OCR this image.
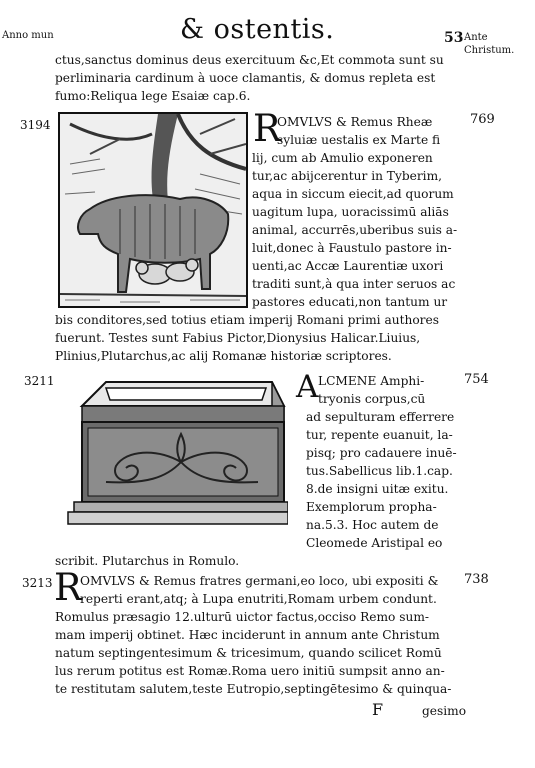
Anno mun	& ostentis.	53 Ante Christum.
ctus,sanctus dominus deus exercituum &c,Et commota sunt su
perliminaria cardinum à uoce clamantis, & domus repleta est
fumo:Reliqua lege Esaiæ cap.6.
3194	769
R
OMVLVS & Remus Rheæ
syluiæ uestalis ex Marte fi
lij, cum ab Amulio exponeren
tur,ac abijcerentur in Tyberim,
aqua in siccum eiecit,ad quorum
uagitum lupa, uoracissimū aliās
animal, accurrēs,uberibus suis a-
luit,donec à Faustulo pastore in-
uenti,ac Accæ Laurentiæ uxori
traditi sunt,à qua inter seruos ac
pastores educati,non tantum ur
bis conditores,sed totius etiam imperij Romani primi authores
fuerunt. Testes sunt Fabius Pictor,Dionysius Halicar.Liuius,
Plinius,Plutarchus,ac alij Romanæ historiæ scriptores.
3211	754
A LCMENE Amphi-
tryonis corpus,cū
ad sepulturam efferrere
tur, repente euanuit, la-
pisq; pro cadauere inuē-
tus.Sabellicus lib.1.cap.
8.de insigni uitæ exitu.
Exemplorum propha-
na.5.3. Hoc autem de
Cleomede Aristipal eo
scribit. Plutarchus in Romulo.
3213	738
R
OMVLVS & Remus fratres germani,eo loco, ubi expositi &
reperti erant,atq; à Lupa enutriti,Romam urbem condunt.
Romulus præsagio 12.ulturū uictor factus,occiso Remo sum-
mam imperij obtinet. Hæc inciderunt in annum ante Christum
natum septingentesimum & tricesimum, quando scilicet Romū
lus rerum potitus est Romæ.Roma uero initiū sumpsit anno an-
te restitutam salutem,teste Eutropio,septingētesimo & quinqua-
F	gesimo
